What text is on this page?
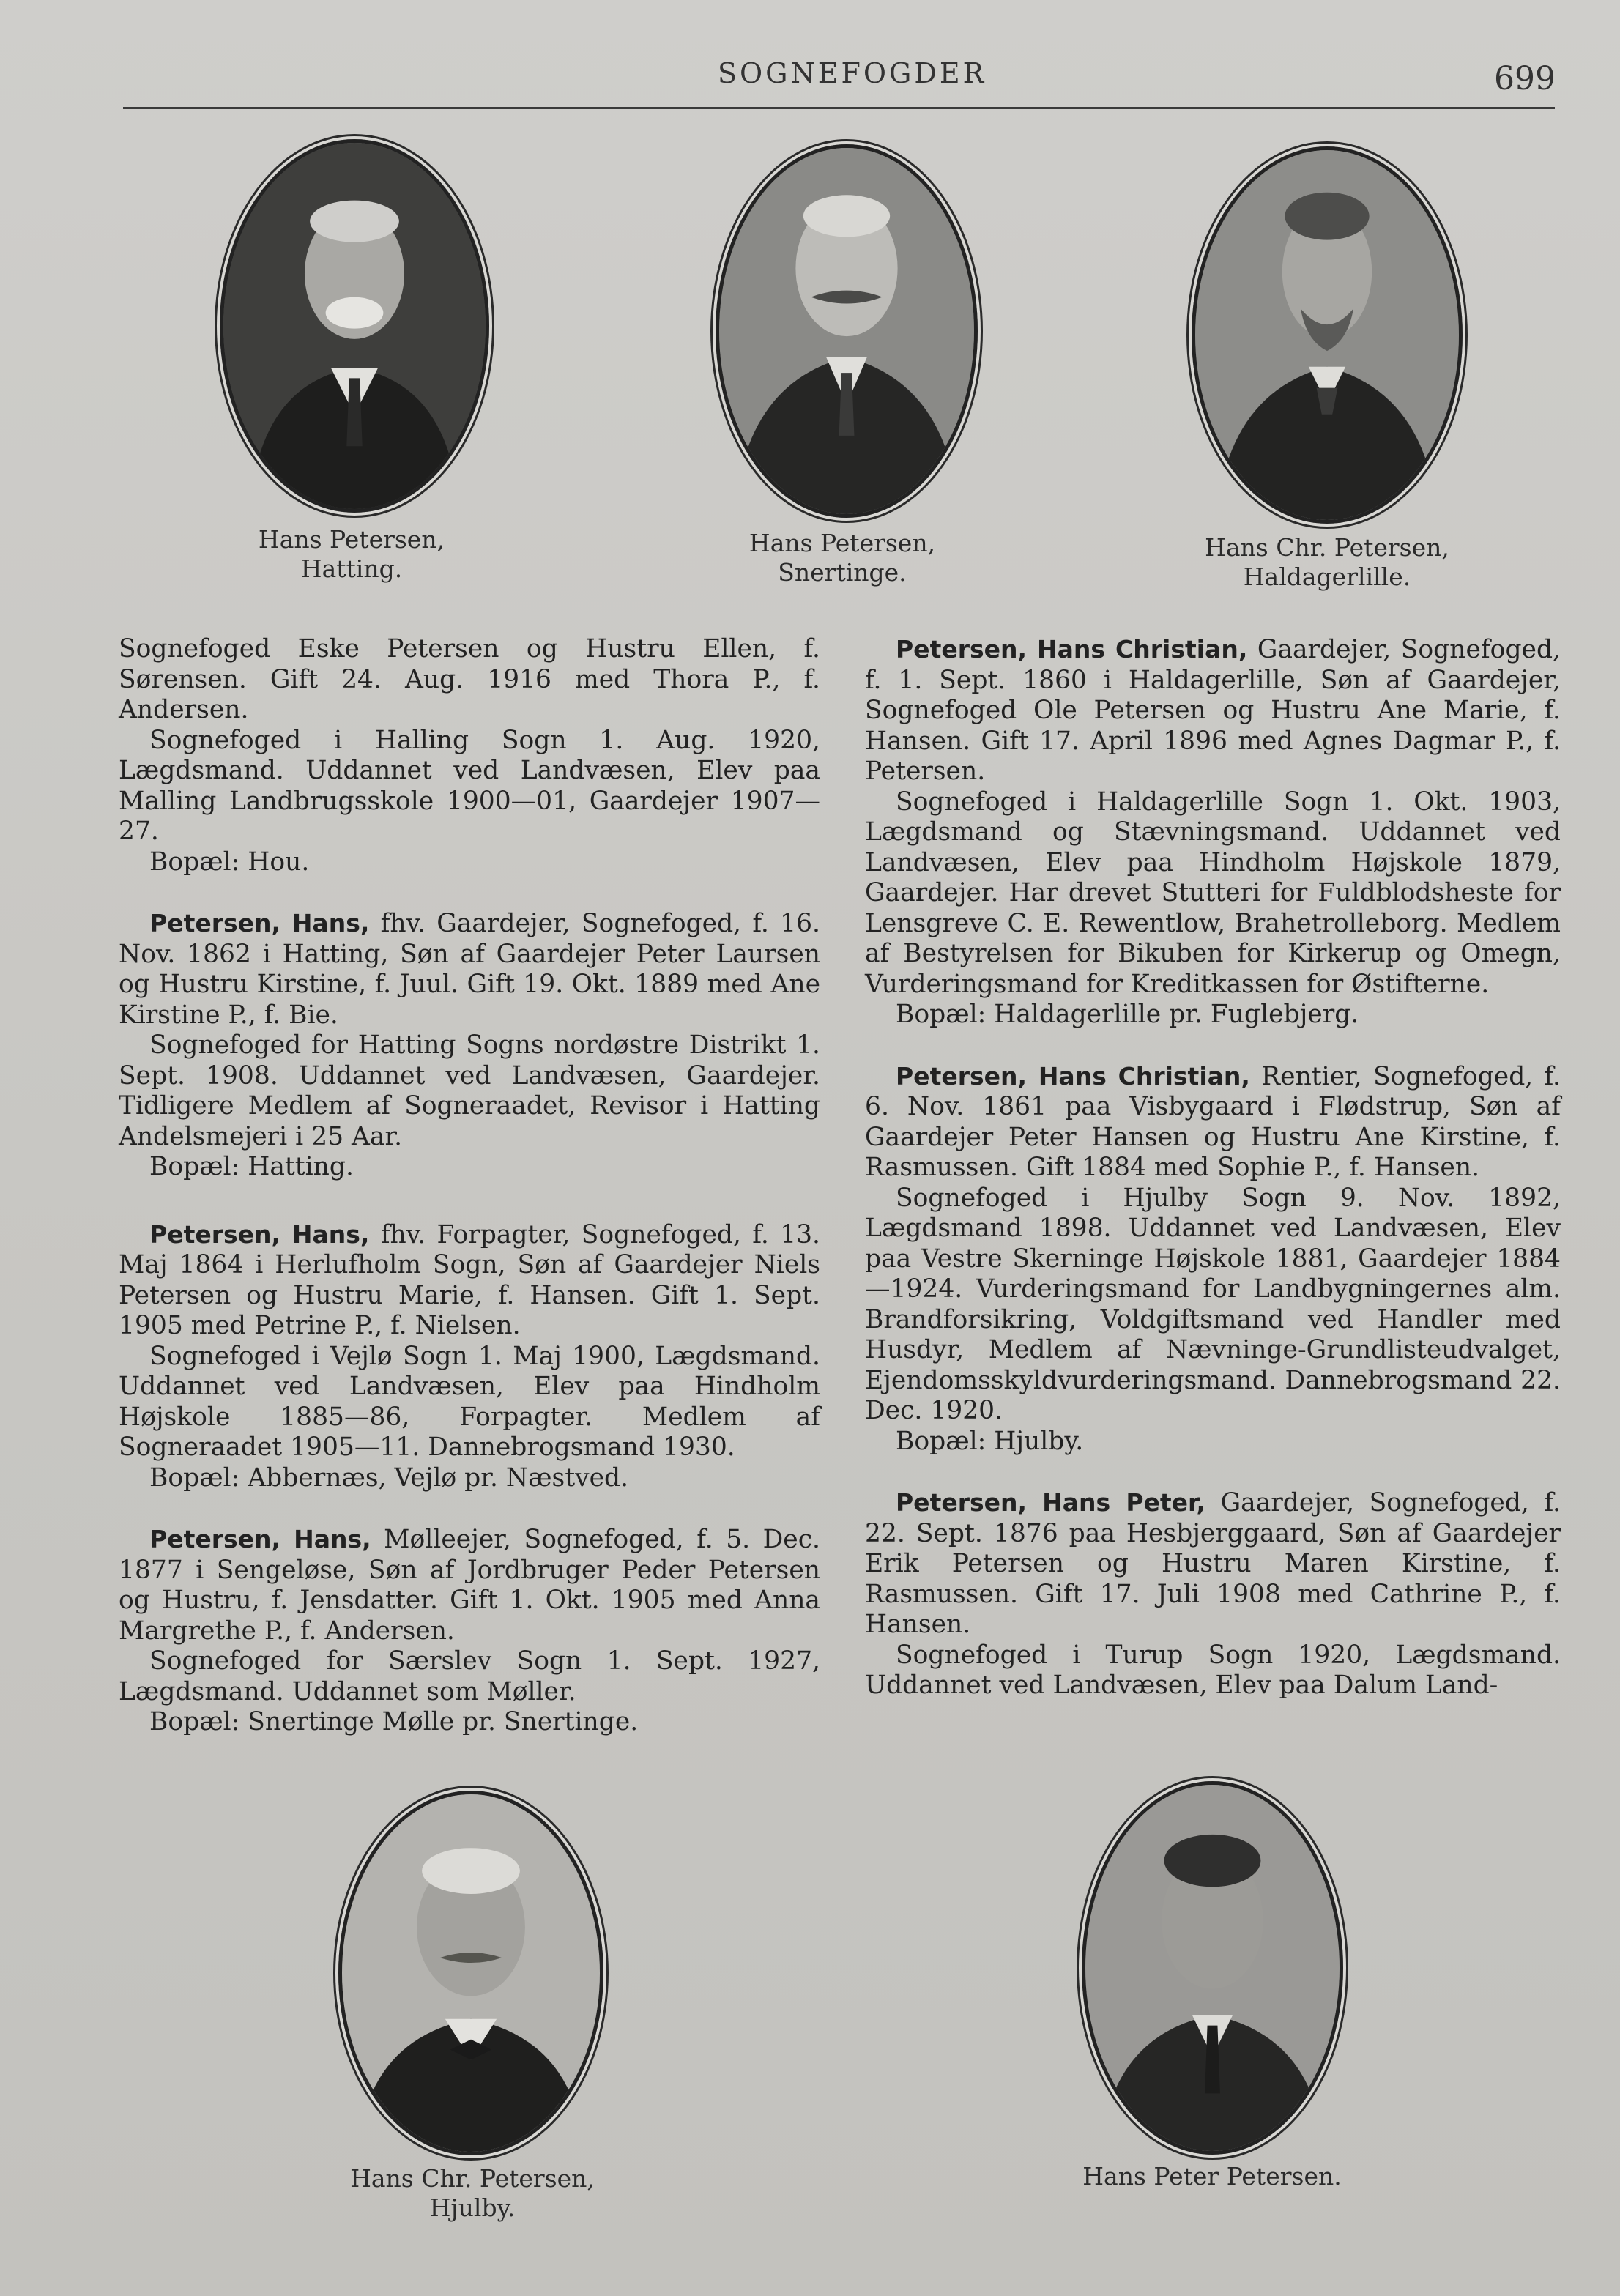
SOGNEFOGDER	699
Hans Petersen,
Hatting.
Hans Petersen,
Snertinge.
Hans Chr. Petersen,
Haldagerlille.

Sognefoged Eske Petersen og Hustru Ellen, f. Sørensen. Gift 24. Aug. 1916 med Thora P., f. Andersen.

Sognefoged i Halling Sogn 1. Aug. 1920, Lægdsmand. Uddannet ved Landvæsen, Elev paa Malling Landbrugsskole 1900—01, Gaardejer 1907—27.

Bopæl: Hou.

Petersen, Hans, fhv. Gaardejer, Sognefoged, f. 16. Nov. 1862 i Hatting, Søn af Gaardejer Peter Laursen og Hustru Kirstine, f. Juul. Gift 19. Okt. 1889 med Ane Kirstine P., f. Bie.

Sognefoged for Hatting Sogns nordøstre Distrikt 1. Sept. 1908. Uddannet ved Landvæsen, Gaardejer. Tidligere Medlem af Sogneraadet, Revisor i Hatting Andelsmejeri i 25 Aar.

Bopæl: Hatting.

Petersen, Hans, fhv. Forpagter, Sognefoged, f. 13. Maj 1864 i Herlufholm Sogn, Søn af Gaardejer Niels Petersen og Hustru Marie, f. Hansen. Gift 1. Sept. 1905 med Petrine P., f. Nielsen.

Sognefoged i Vejlø Sogn 1. Maj 1900, Lægdsmand. Uddannet ved Landvæsen, Elev paa Hindholm Højskole 1885—86, Forpagter. Medlem af Sogneraadet 1905—11. Dannebrogsmand 1930.

Bopæl: Abbernæs, Vejlø pr. Næstved.

Petersen, Hans, Mølleejer, Sognefoged, f. 5. Dec. 1877 i Sengeløse, Søn af Jordbruger Peder Petersen og Hustru, f. Jensdatter. Gift 1. Okt. 1905 med Anna Margrethe P., f. Andersen.

Sognefoged for Særslev Sogn 1. Sept. 1927, Lægdsmand. Uddannet som Møller.

Bopæl: Snertinge Mølle pr. Snertinge.

Petersen, Hans Christian, Gaardejer, Sognefoged, f. 1. Sept. 1860 i Haldagerlille, Søn af Gaardejer, Sognefoged Ole Petersen og Hustru Ane Marie, f. Hansen. Gift 17. April 1896 med Agnes Dagmar P., f. Petersen.

Sognefoged i Haldagerlille Sogn 1. Okt. 1903, Lægdsmand og Stævningsmand. Uddannet ved Landvæsen, Elev paa Hindholm Højskole 1879, Gaardejer. Har drevet Stutteri for Fuldblodsheste for Lensgreve C. E. Rewentlow, Brahetrolleborg. Medlem af Bestyrelsen for Bikuben for Kirkerup og Omegn, Vurderingsmand for Kreditkassen for Østifterne.

Bopæl: Haldagerlille pr. Fuglebjerg.

Petersen, Hans Christian, Rentier, Sognefoged, f. 6. Nov. 1861 paa Visbygaard i Flødstrup, Søn af Gaardejer Peter Hansen og Hustru Ane Kirstine, f. Rasmussen. Gift 1884 med Sophie P., f. Hansen.

Sognefoged i Hjulby Sogn 9. Nov. 1892, Lægdsmand 1898. Uddannet ved Landvæsen, Elev paa Vestre Skerninge Højskole 1881, Gaardejer 1884—1924. Vurderingsmand for Landbygningernes alm. Brandforsikring, Voldgiftsmand ved Handler med Husdyr, Medlem af Nævninge-Grundlisteudvalget, Ejendomsskyldvurderingsmand. Dannebrogsmand 22. Dec. 1920.

Bopæl: Hjulby.

Petersen, Hans Peter, Gaardejer, Sognefoged, f. 22. Sept. 1876 paa Hesbjerggaard, Søn af Gaardejer Erik Petersen og Hustru Maren Kirstine, f. Rasmussen. Gift 17. Juli 1908 med Cathrine P., f. Hansen.

Sognefoged i Turup Sogn 1920, Lægdsmand. Uddannet ved Landvæsen, Elev paa Dalum Land-

Hans Chr. Petersen,
Hjulby.
Hans Peter Petersen.
